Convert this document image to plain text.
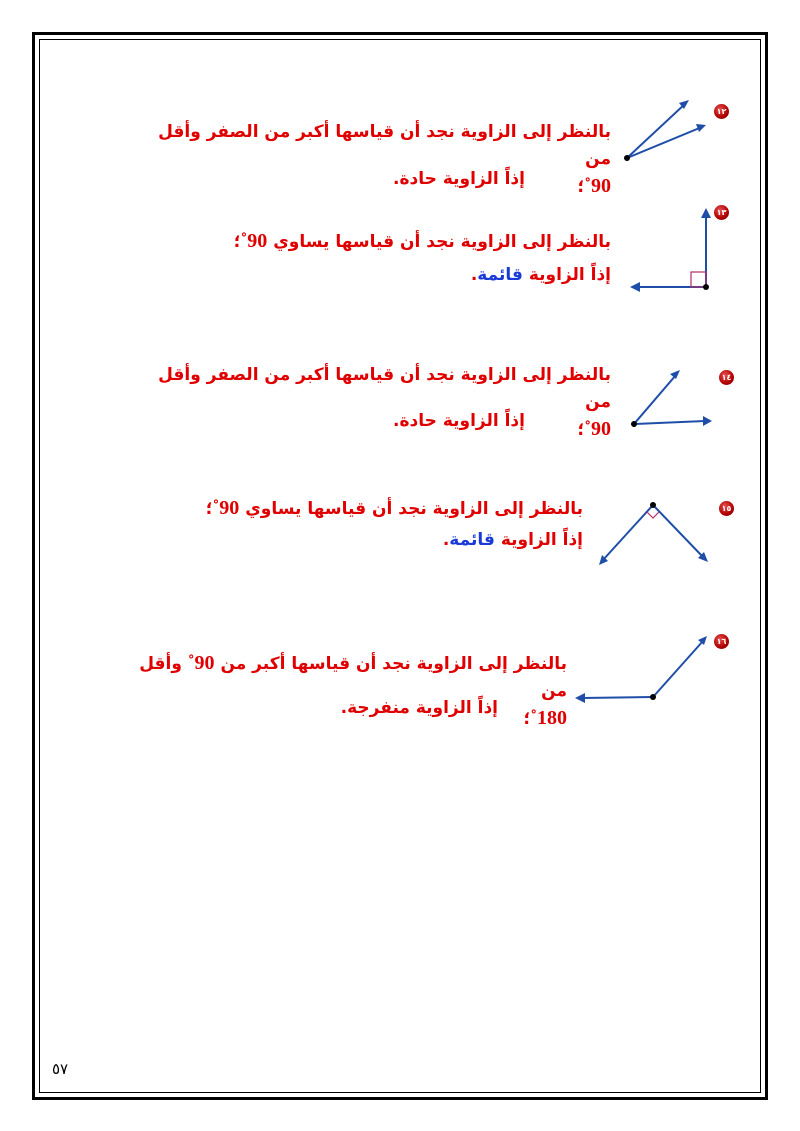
١٢
بالنظر إلى الزاوية نجد أن قياسها أكبر من الصفر وأقل من
90˚؛
إذاً الزاوية حادة.
١٣
بالنظر إلى الزاوية نجد أن قياسها يساوي 90˚؛
إذاً الزاوية قائمة.
١٤
بالنظر إلى الزاوية نجد أن قياسها أكبر من الصفر وأقل من
90˚؛
إذاً الزاوية حادة.
١٥
بالنظر إلى الزاوية نجد أن قياسها يساوي 90˚؛
إذاً الزاوية قائمة.
١٦
بالنظر إلى الزاوية نجد أن قياسها أكبر من 90˚ وأقل من
180˚؛
إذاً الزاوية منفرجة.
٥٧
